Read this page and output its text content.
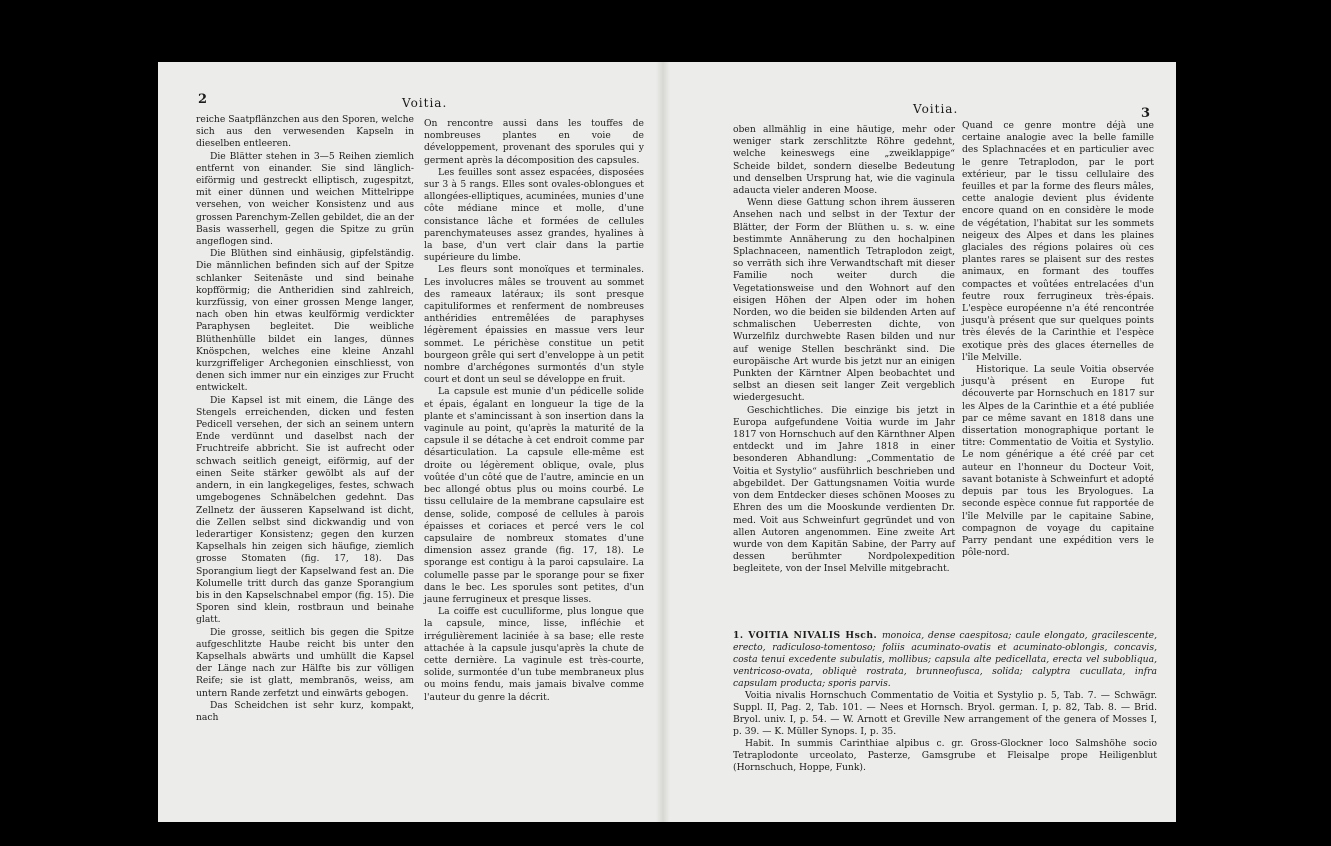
2	Voitia.

reiche Saatpflänzchen aus den Sporen, welche sich aus den verwesenden Kapseln in dieselben entleeren.

Die Blätter stehen in 3—5 Reihen ziemlich entfernt von einander. Sie sind länglich-eiförmig und gestreckt elliptisch, zugespitzt, mit einer dünnen und weichen Mittelrippe versehen, von weicher Konsistenz und aus grossen Parenchym-Zellen gebildet, die an der Basis wasserhell, gegen die Spitze zu grün angeflogen sind.

Die Blüthen sind einhäusig, gipfelständig. Die männlichen befinden sich auf der Spitze schlanker Seitenäste und sind beinahe kopfförmig; die Antheridien sind zahlreich, kurzfüssig, von einer grossen Menge langer, nach oben hin etwas keulförmig verdickter Paraphysen begleitet. Die weibliche Blüthenhülle bildet ein langes, dünnes Knöspchen, welches eine kleine Anzahl kurzgriffeliger Archegonien einschliesst, von denen sich immer nur ein einziges zur Frucht entwickelt.

Die Kapsel ist mit einem, die Länge des Stengels erreichenden, dicken und festen Pedicell versehen, der sich an seinem untern Ende verdünnt und daselbst nach der Fruchtreife abbricht. Sie ist aufrecht oder schwach seitlich geneigt, eiförmig, auf der einen Seite stärker gewölbt als auf der andern, in ein langkegeliges, festes, schwach umgebogenes Schnäbelchen gedehnt. Das Zellnetz der äusseren Kapselwand ist dicht, die Zellen selbst sind dickwandig und von lederartiger Konsistenz; gegen den kurzen Kapselhals hin zeigen sich häufige, ziemlich grosse Stomaten (fig. 17, 18). Das Sporangium liegt der Kapselwand fest an. Die Kolumelle tritt durch das ganze Sporangium bis in den Kapselschnabel empor (fig. 15). Die Sporen sind klein, rostbraun und beinahe glatt.

Die grosse, seitlich bis gegen die Spitze aufgeschlitzte Haube reicht bis unter den Kapselhals abwärts und umhüllt die Kapsel der Länge nach zur Hälfte bis zur völligen Reife; sie ist glatt, membranös, weiss, am untern Rande zerfetzt und einwärts gebogen.

Das Scheidchen ist sehr kurz, kompakt, nach

On rencontre aussi dans les touffes de nombreuses plantes en voie de développement, provenant des sporules qui y germent après la décomposition des capsules.

Les feuilles sont assez espacées, disposées sur 3 à 5 rangs. Elles sont ovales-oblongues et allongées-elliptiques, acuminées, munies d'une côte médiane mince et molle, d'une consistance lâche et formées de cellules parenchymateuses assez grandes, hyalines à la base, d'un vert clair dans la partie supérieure du limbe.

Les fleurs sont monoïques et terminales. Les involucres mâles se trouvent au sommet des rameaux latéraux; ils sont presque capituliformes et renferment de nombreuses anthéridies entremêlées de paraphyses légèrement épaissies en massue vers leur sommet. Le périchèse constitue un petit bourgeon grêle qui sert d'enveloppe à un petit nombre d'archégones surmontés d'un style court et dont un seul se développe en fruit.

La capsule est munie d'un pédicelle solide et épais, égalant en longueur la tige de la plante et s'amincissant à son insertion dans la vaginule au point, qu'après la maturité de la capsule il se détache à cet endroit comme par désarticulation. La capsule elle-même est droite ou légèrement oblique, ovale, plus voûtée d'un côté que de l'autre, amincie en un bec allongé obtus plus ou moins courbé. Le tissu cellulaire de la membrane capsulaire est dense, solide, composé de cellules à parois épaisses et coriaces et percé vers le col capsulaire de nombreux stomates d'une dimension assez grande (fig. 17, 18). Le sporange est contigu à la paroi capsulaire. La columelle passe par le sporange pour se fixer dans le bec. Les sporules sont petites, d'un jaune ferrugineux et presque lisses.

La coiffe est cuculliforme, plus longue que la capsule, mince, lisse, infléchie et irrégulièrement laciniée à sa base; elle reste attachée à la capsule jusqu'après la chute de cette dernière. La vaginule est très-courte, solide, surmontée d'un tube membraneux plus ou moins fendu, mais jamais bivalve comme l'auteur du genre la décrit.

Voitia.	3

oben allmählig in eine häutige, mehr oder weniger stark zerschlitzte Röhre gedehnt, welche keineswegs eine „zweiklappige“ Scheide bildet, sondern dieselbe Bedeutung und denselben Ursprung hat, wie die vaginula adaucta vieler anderen Moose.

Wenn diese Gattung schon ihrem äusseren Ansehen nach und selbst in der Textur der Blätter, der Form der Blüthen u. s. w. eine bestimmte Annäherung zu den hochalpinen Splachnaceen, namentlich Tetraplodon zeigt, so verräth sich ihre Verwandtschaft mit dieser Familie noch weiter durch die Vegetationsweise und den Wohnort auf den eisigen Höhen der Alpen oder im hohen Norden, wo die beiden sie bildenden Arten auf schmalischen Ueberresten dichte, von Wurzelfilz durchwebte Rasen bilden und nur auf wenige Stellen beschränkt sind. Die europäische Art wurde bis jetzt nur an einigen Punkten der Kärntner Alpen beobachtet und selbst an diesen seit langer Zeit vergeblich wiedergesucht.

Geschichtliches. Die einzige bis jetzt in Europa aufgefundene Voitia wurde im Jahr 1817 von Hornschuch auf den Kärnthner Alpen entdeckt und im Jahre 1818 in einer besonderen Abhandlung: „Commentatio de Voitia et Systylio“ ausführlich beschrieben und abgebildet. Der Gattungsnamen Voitia wurde von dem Entdecker dieses schönen Mooses zu Ehren des um die Mooskunde verdienten Dr. med. Voit aus Schweinfurt gegründet und von allen Autoren angenommen. Eine zweite Art wurde von dem Kapitän Sabine, der Parry auf dessen berühmter Nordpolexpedition begleitete, von der Insel Melville mitgebracht.

Quand ce genre montre déjà une certaine analogie avec la belle famille des Splachnacées et en particulier avec le genre Tetraplodon, par le port extérieur, par le tissu cellulaire des feuilles et par la forme des fleurs mâles, cette analogie devient plus évidente encore quand on en considère le mode de végétation, l'habitat sur les sommets neigeux des Alpes et dans les plaines glaciales des régions polaires où ces plantes rares se plaisent sur des restes animaux, en formant des touffes compactes et voûtées entrelacées d'un feutre roux ferrugineux très-épais. L'espèce européenne n'a été rencontrée jusqu'à présent que sur quelques points très élevés de la Carinthie et l'espèce exotique près des glaces éternelles de l'île Melville.

Historique. La seule Voitia observée jusqu'à présent en Europe fut découverte par Hornschuch en 1817 sur les Alpes de la Carinthie et a été publiée par ce même savant en 1818 dans une dissertation monographique portant le titre: Commentatio de Voitia et Systylio. Le nom générique a été créé par cet auteur en l'honneur du Docteur Voit, savant botaniste à Schweinfurt et adopté depuis par tous les Bryologues. La seconde espèce connue fut rapportée de l'île Melville par le capitaine Sabine, compagnon de voyage du capitaine Parry pendant une expédition vers le pôle-nord.

1. VOITIA NIVALIS Hsch. monoica, dense caespitosa; caule elongato, gracilescente, erecto, radiculoso-tomentoso; foliis acuminato-ovatis et acuminato-oblongis, concavis, costa tenui excedente subulatis, mollibus; capsula alte pedicellata, erecta vel subobliqua, ventricoso-ovata, obliquè rostrata, brunneofusca, solida; calyptra cucullata, infra capsulam producta; sporis parvis.

Voitia nivalis Hornschuch Commentatio de Voitia et Systylio p. 5, Tab. 7. — Schwägr. Suppl. II, Pag. 2, Tab. 101. — Nees et Hornsch. Bryol. german. I, p. 82, Tab. 8. — Brid. Bryol. univ. I, p. 54. — W. Arnott et Greville New arrangement of the genera of Mosses I, p. 39. — K. Müller Synops. I, p. 35.

Habit. In summis Carinthiae alpibus c. gr. Gross-Glockner loco Salmshöhe socio Tetraplodonte urceolato, Pasterze, Gamsgrube et Fleisalpe prope Heiligenblut (Hornschuch, Hoppe, Funk).
